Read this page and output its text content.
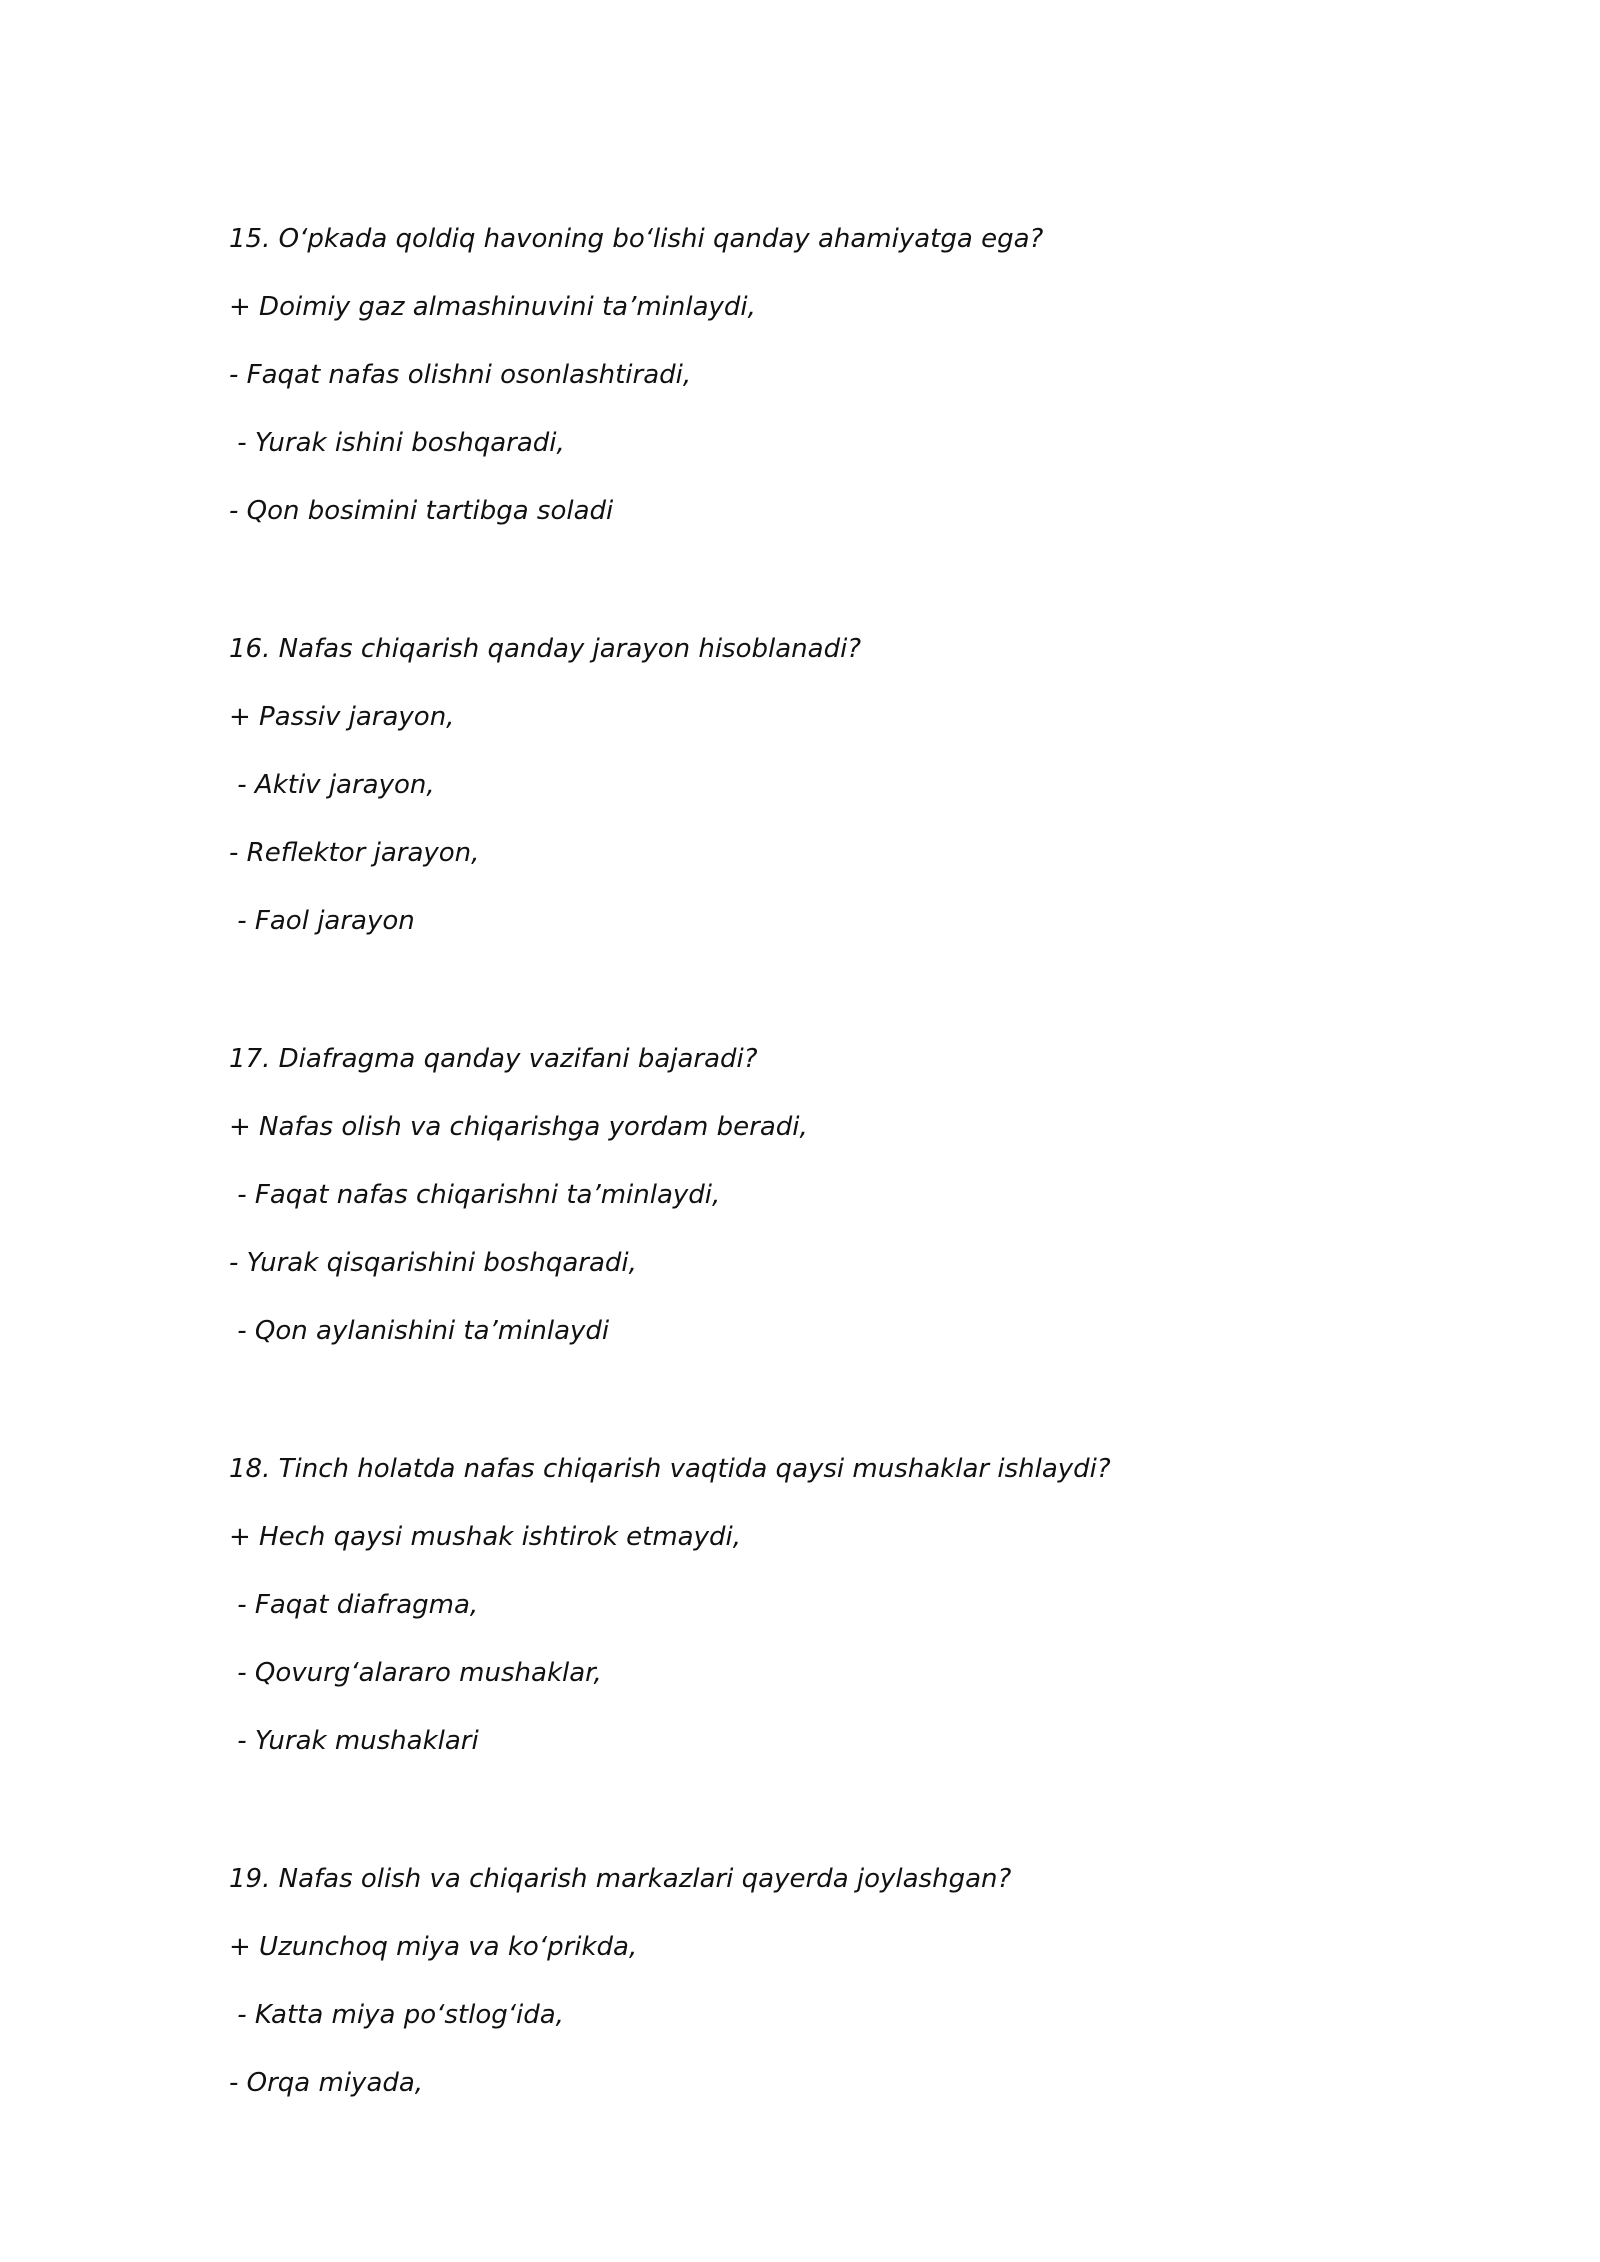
15. O‘pkada qoldiq havoning bo‘lishi qanday ahamiyatga ega?
+ Doimiy gaz almashinuvini ta’minlaydi,
- Faqat nafas olishni osonlashtiradi,
- Yurak ishini boshqaradi,
- Qon bosimini tartibga soladi
16. Nafas chiqarish qanday jarayon hisoblanadi?
+ Passiv jarayon,
- Aktiv jarayon,
- Reflektor jarayon,
- Faol jarayon
17. Diafragma qanday vazifani bajaradi?
+ Nafas olish va chiqarishga yordam beradi,
- Faqat nafas chiqarishni ta’minlaydi,
- Yurak qisqarishini boshqaradi,
- Qon aylanishini ta’minlaydi
18. Tinch holatda nafas chiqarish vaqtida qaysi mushaklar ishlaydi?
+ Hech qaysi mushak ishtirok etmaydi,
- Faqat diafragma,
- Qovurg‘alararo mushaklar,
- Yurak mushaklari
19. Nafas olish va chiqarish markazlari qayerda joylashgan?
+ Uzunchoq miya va ko‘prikda,
- Katta miya po‘stlog‘ida,
- Orqa miyada,
